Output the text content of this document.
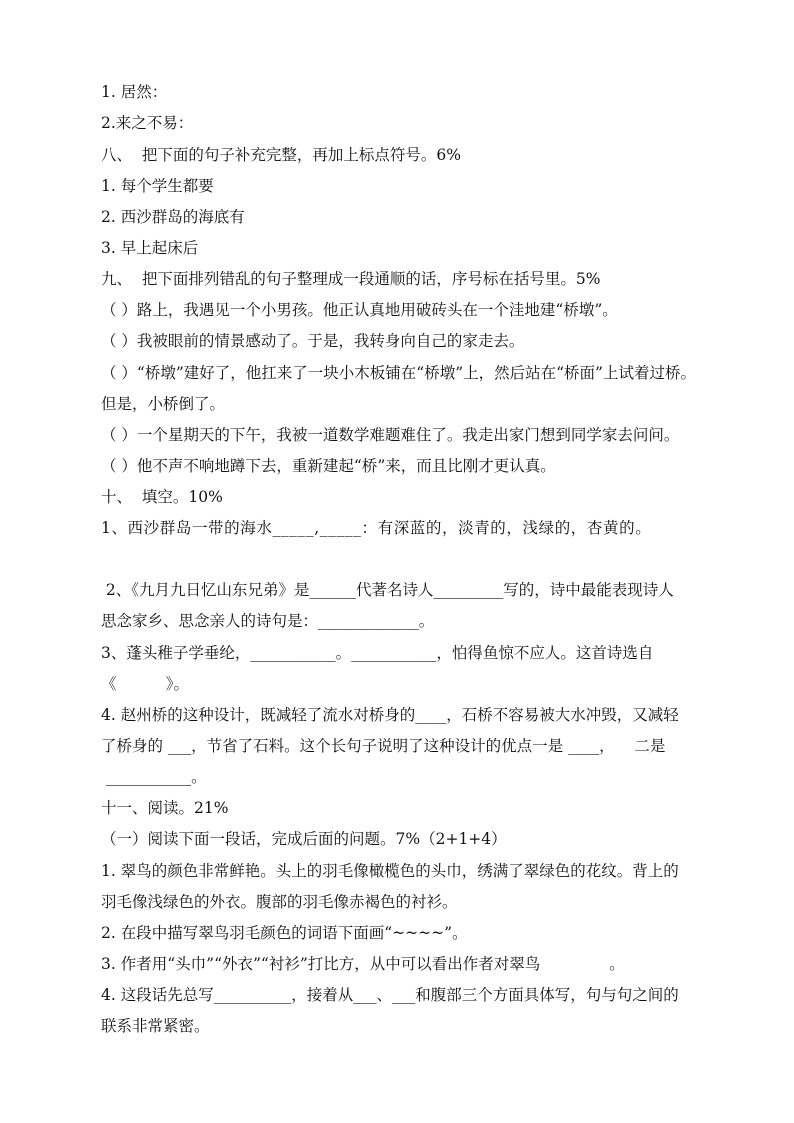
1. 居然：
2.来之不易：
八、  把下面的句子补充完整，再加上标点符号。6%
1. 每个学生都要
2. 西沙群岛的海底有
3. 早上起床后
九、  把下面排列错乱的句子整理成一段通顺的话，序号标在括号里。5%
（ ）路上，我遇见一个小男孩。他正认真地用破砖头在一个洼地建“桥墩”。
（ ）我被眼前的情景感动了。于是，我转身向自己的家走去。
（ ）“桥墩”建好了，他扛来了一块小木板铺在“桥墩”上，然后站在“桥面”上试着过桥。
但是，小桥倒了。
（ ）一个星期天的下午，我被一道数学难题难住了。我走出家门想到同学家去问问。
（ ）他不声不响地蹲下去，重新建起“桥”来，而且比刚才更认真。
十、  填空。10%
1、西沙群岛一带的海水_____,_____：有深蓝的，淡青的，浅绿的，杏黄的。
2、《九月九日忆山东兄弟》是______代著名诗人_________写的，诗中最能表现诗人
思念家乡、思念亲人的诗句是：_____________。
3、蓬头稚子学垂纶，___________。___________，怕得鱼惊不应人。这首诗选自
《          》。
4. 赵州桥的这种设计，既减轻了流水对桥身的____，石桥不容易被大水冲毁，又减轻
了桥身的 ___，节省了石料。这个长句子说明了这种设计的优点一是 ____，    二是
___________。
十一、阅读。21%
（一）阅读下面一段话，完成后面的问题。7%（2+1+4）
1. 翠鸟的颜色非常鲜艳。头上的羽毛像橄榄色的头巾，绣满了翠绿色的花纹。背上的
羽毛像浅绿色的外衣。腹部的羽毛像赤褐色的衬衫。
2. 在段中描写翠鸟羽毛颜色的词语下面画“~~~~”。
3. 作者用“头巾”“外衣”“衬衫”打比方，从中可以看出作者对翠鸟              。
4. 这段话先总写__________，接着从___、___和腹部三个方面具体写，句与句之间的
联系非常紧密。
